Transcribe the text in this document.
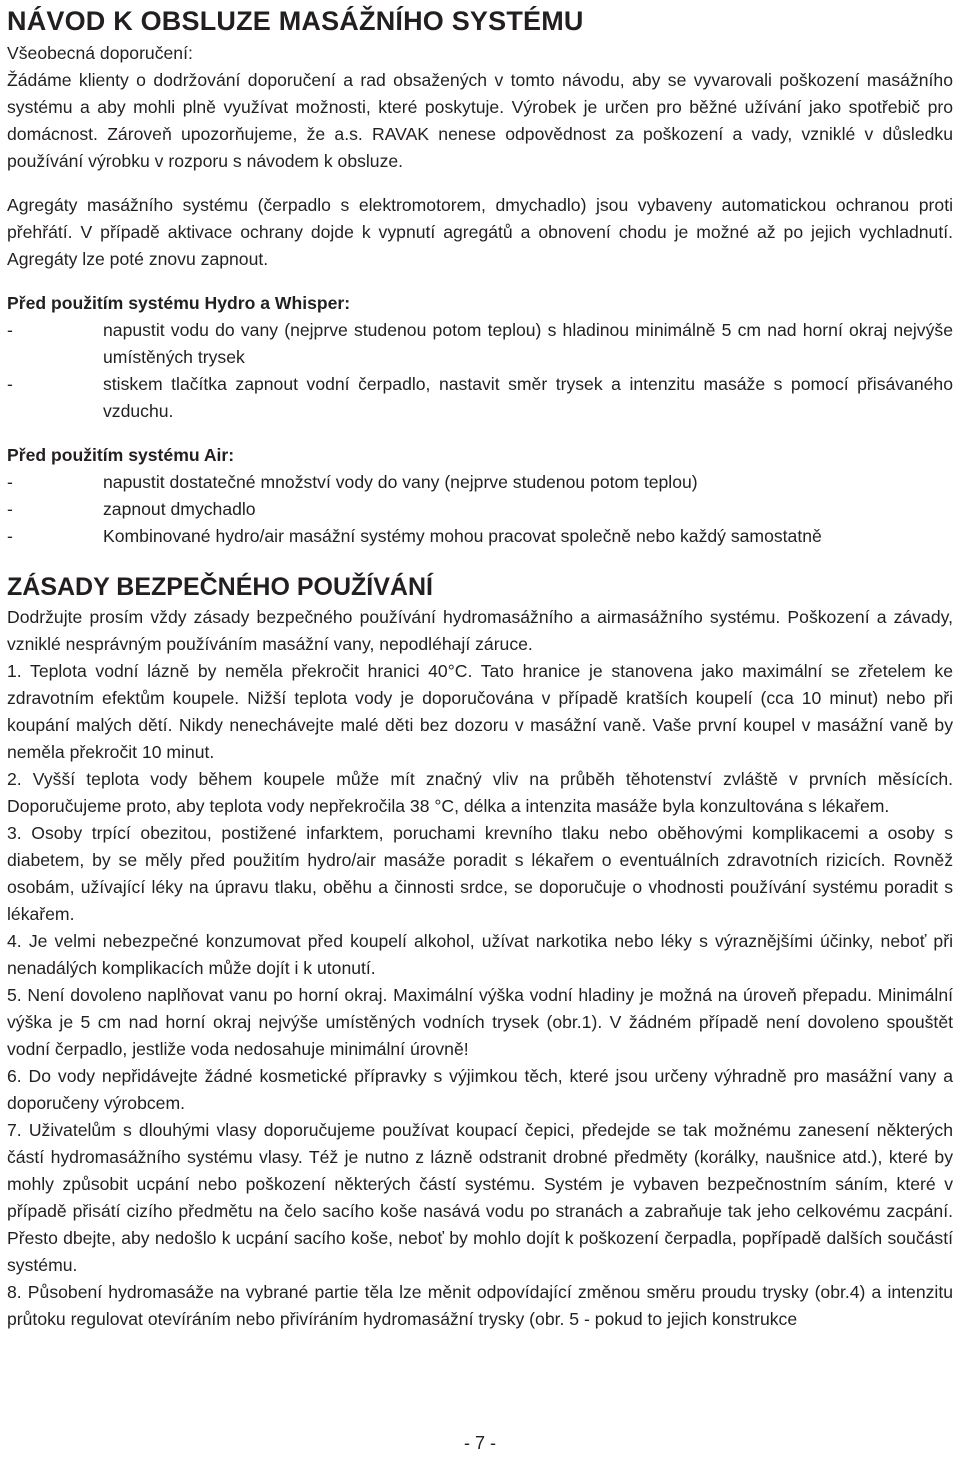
NÁVOD K OBSLUZE MASÁŽNÍHO SYSTÉMU

Všeobecná doporučení:

Žádáme klienty o dodržování doporučení a rad obsažených v tomto návodu, aby se vyvarovali poškození masážního systému a aby mohli plně využívat možnosti, které poskytuje. Výrobek je určen pro běžné užívání jako spotřebič pro domácnost. Zároveň upozorňujeme, že a.s. RAVAK nenese odpovědnost za poškození a vady, vzniklé v důsledku používání výrobku v rozporu s návodem k obsluze.

Agregáty masážního systému (čerpadlo s elektromotorem, dmychadlo) jsou vybaveny automatickou ochranou proti přehřátí. V případě aktivace ochrany dojde k vypnutí agregátů a obnovení chodu je možné až po jejich vychladnutí. Agregáty lze poté znovu zapnout.

Před použitím systému Hydro a Whisper:

-	napustit vodu do vany (nejprve studenou potom teplou) s hladinou minimálně 5 cm nad horní okraj nejvýše umístěných trysek
-	stiskem tlačítka zapnout vodní čerpadlo, nastavit směr trysek a intenzitu masáže s pomocí přisávaného vzduchu.

Před použitím systému Air:

-	napustit dostatečné množství vody do vany (nejprve studenou potom teplou)
-	zapnout dmychadlo
-	Kombinované hydro/air masážní systémy mohou pracovat společně nebo každý samostatně
ZÁSADY BEZPEČNÉHO POUŽÍVÁNÍ

Dodržujte prosím vždy zásady bezpečného používání hydromasážního a airmasážního systému. Poškození a závady, vzniklé nesprávným používáním masážní vany, nepodléhají záruce.

1. Teplota vodní lázně by neměla překročit hranici 40°C. Tato hranice je stanovena jako maximální se zřetelem ke zdravotním efektům koupele. Nižší teplota vody je doporučována v případě kratších koupelí (cca 10 minut) nebo při koupání malých dětí. Nikdy nenechávejte malé děti bez dozoru v masážní vaně. Vaše první koupel v masážní vaně by neměla překročit 10 minut.

2. Vyšší teplota vody během koupele může mít značný vliv na průběh těhotenství zvláště v prvních měsících. Doporučujeme proto, aby teplota vody nepřekročila 38 °C, délka a intenzita masáže byla konzultována s lékařem.

3. Osoby trpící obezitou, postižené infarktem, poruchami krevního tlaku nebo oběhovými komplikacemi a osoby s diabetem, by se měly před použitím hydro/air masáže poradit s lékařem o eventuálních zdravotních rizicích. Rovněž osobám, užívající léky na úpravu tlaku, oběhu a činnosti srdce, se doporučuje o vhodnosti používání systému poradit s lékařem.

4. Je velmi nebezpečné konzumovat před koupelí alkohol, užívat narkotika nebo léky s výraznějšími účinky, neboť při nenadálých komplikacích může dojít i k utonutí.

5. Není dovoleno naplňovat vanu po horní okraj. Maximální výška vodní hladiny je možná na úroveň přepadu. Minimální výška je 5 cm nad horní okraj nejvýše umístěných vodních trysek (obr.1). V žádném případě není dovoleno spouštět vodní čerpadlo, jestliže voda nedosahuje minimální úrovně!

6. Do vody nepřidávejte žádné kosmetické přípravky s výjimkou těch, které jsou určeny výhradně pro masážní vany a doporučeny výrobcem.

7. Uživatelům s dlouhými vlasy doporučujeme používat koupací čepici, předejde se tak možnému zanesení některých částí hydromasážního systému vlasy. Též je nutno z lázně odstranit drobné předměty (korálky, naušnice atd.), které by mohly způsobit ucpání nebo poškození některých částí systému. Systém je vybaven bezpečnostním sáním, které v případě přisátí cizího předmětu na čelo sacího koše nasává vodu po stranách a zabraňuje tak jeho celkovému zacpání. Přesto dbejte, aby nedošlo k ucpání sacího koše, neboť by mohlo dojít k poškození čerpadla, popřípadě dalších součástí systému.

8. Působení hydromasáže na vybrané partie těla lze měnit odpovídající změnou směru proudu trysky (obr.4) a intenzitu průtoku regulovat otevíráním nebo přivíráním hydromasážní trysky (obr. 5 - pokud to jejich konstrukce

- 7 -
